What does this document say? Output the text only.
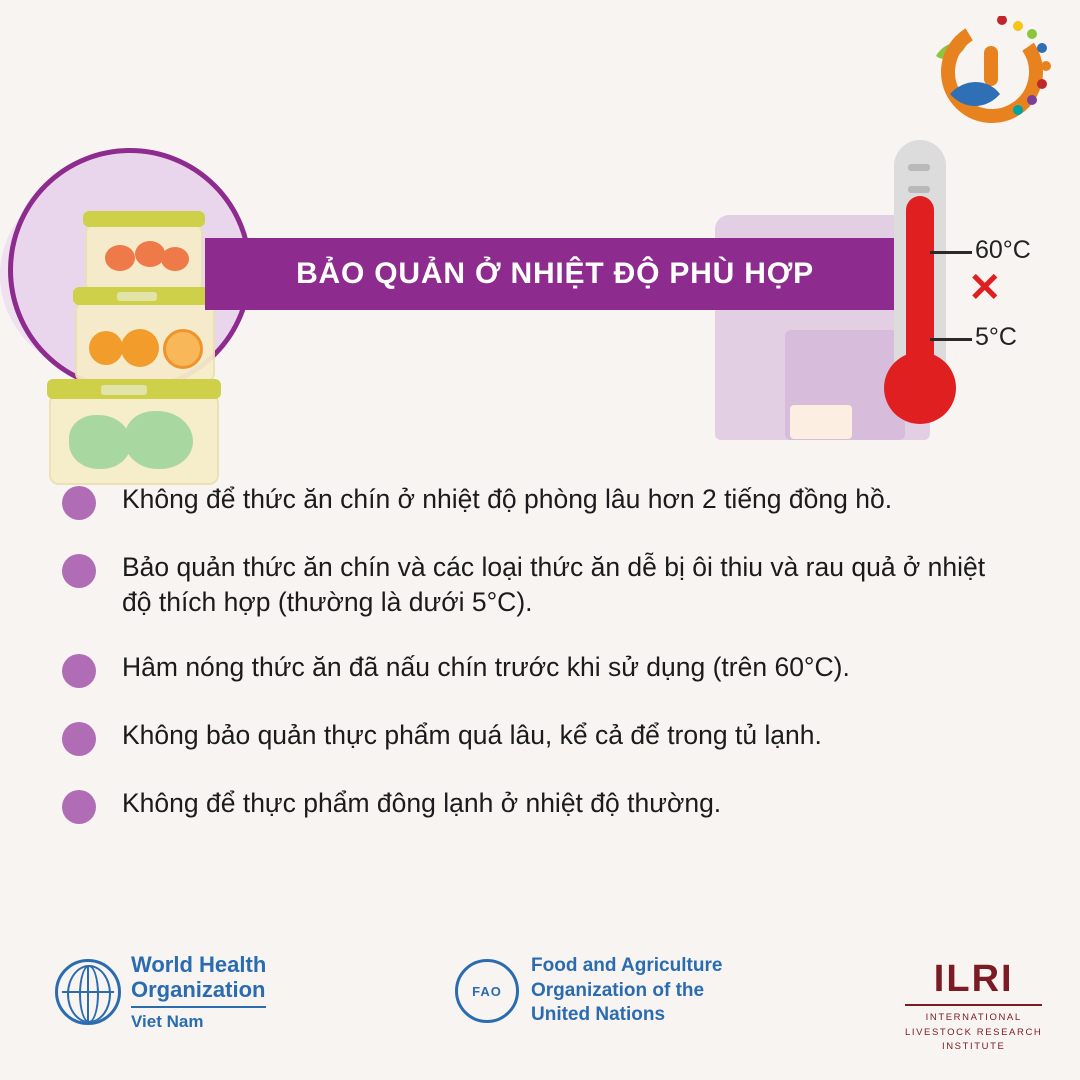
BẢO QUẢN Ở NHIỆT ĐỘ PHÙ HỢP
60°C
5°C
✕
Không để thức ăn chín ở nhiệt độ phòng lâu hơn 2 tiếng đồng hồ.
Bảo quản thức ăn chín và các loại thức ăn dễ bị ôi thiu và rau quả ở nhiệt độ thích hợp (thường là dưới 5°C).
Hâm nóng thức ăn đã nấu chín trước khi sử dụng (trên 60°C).
Không bảo quản thực phẩm quá lâu, kể cả để trong tủ lạnh.
Không để thực phẩm đông lạnh ở nhiệt độ thường.
World Health
Organization
Viet Nam
FAO
Food and Agriculture
Organization of the
United Nations
ILRI
INTERNATIONAL
LIVESTOCK RESEARCH
INSTITUTE
